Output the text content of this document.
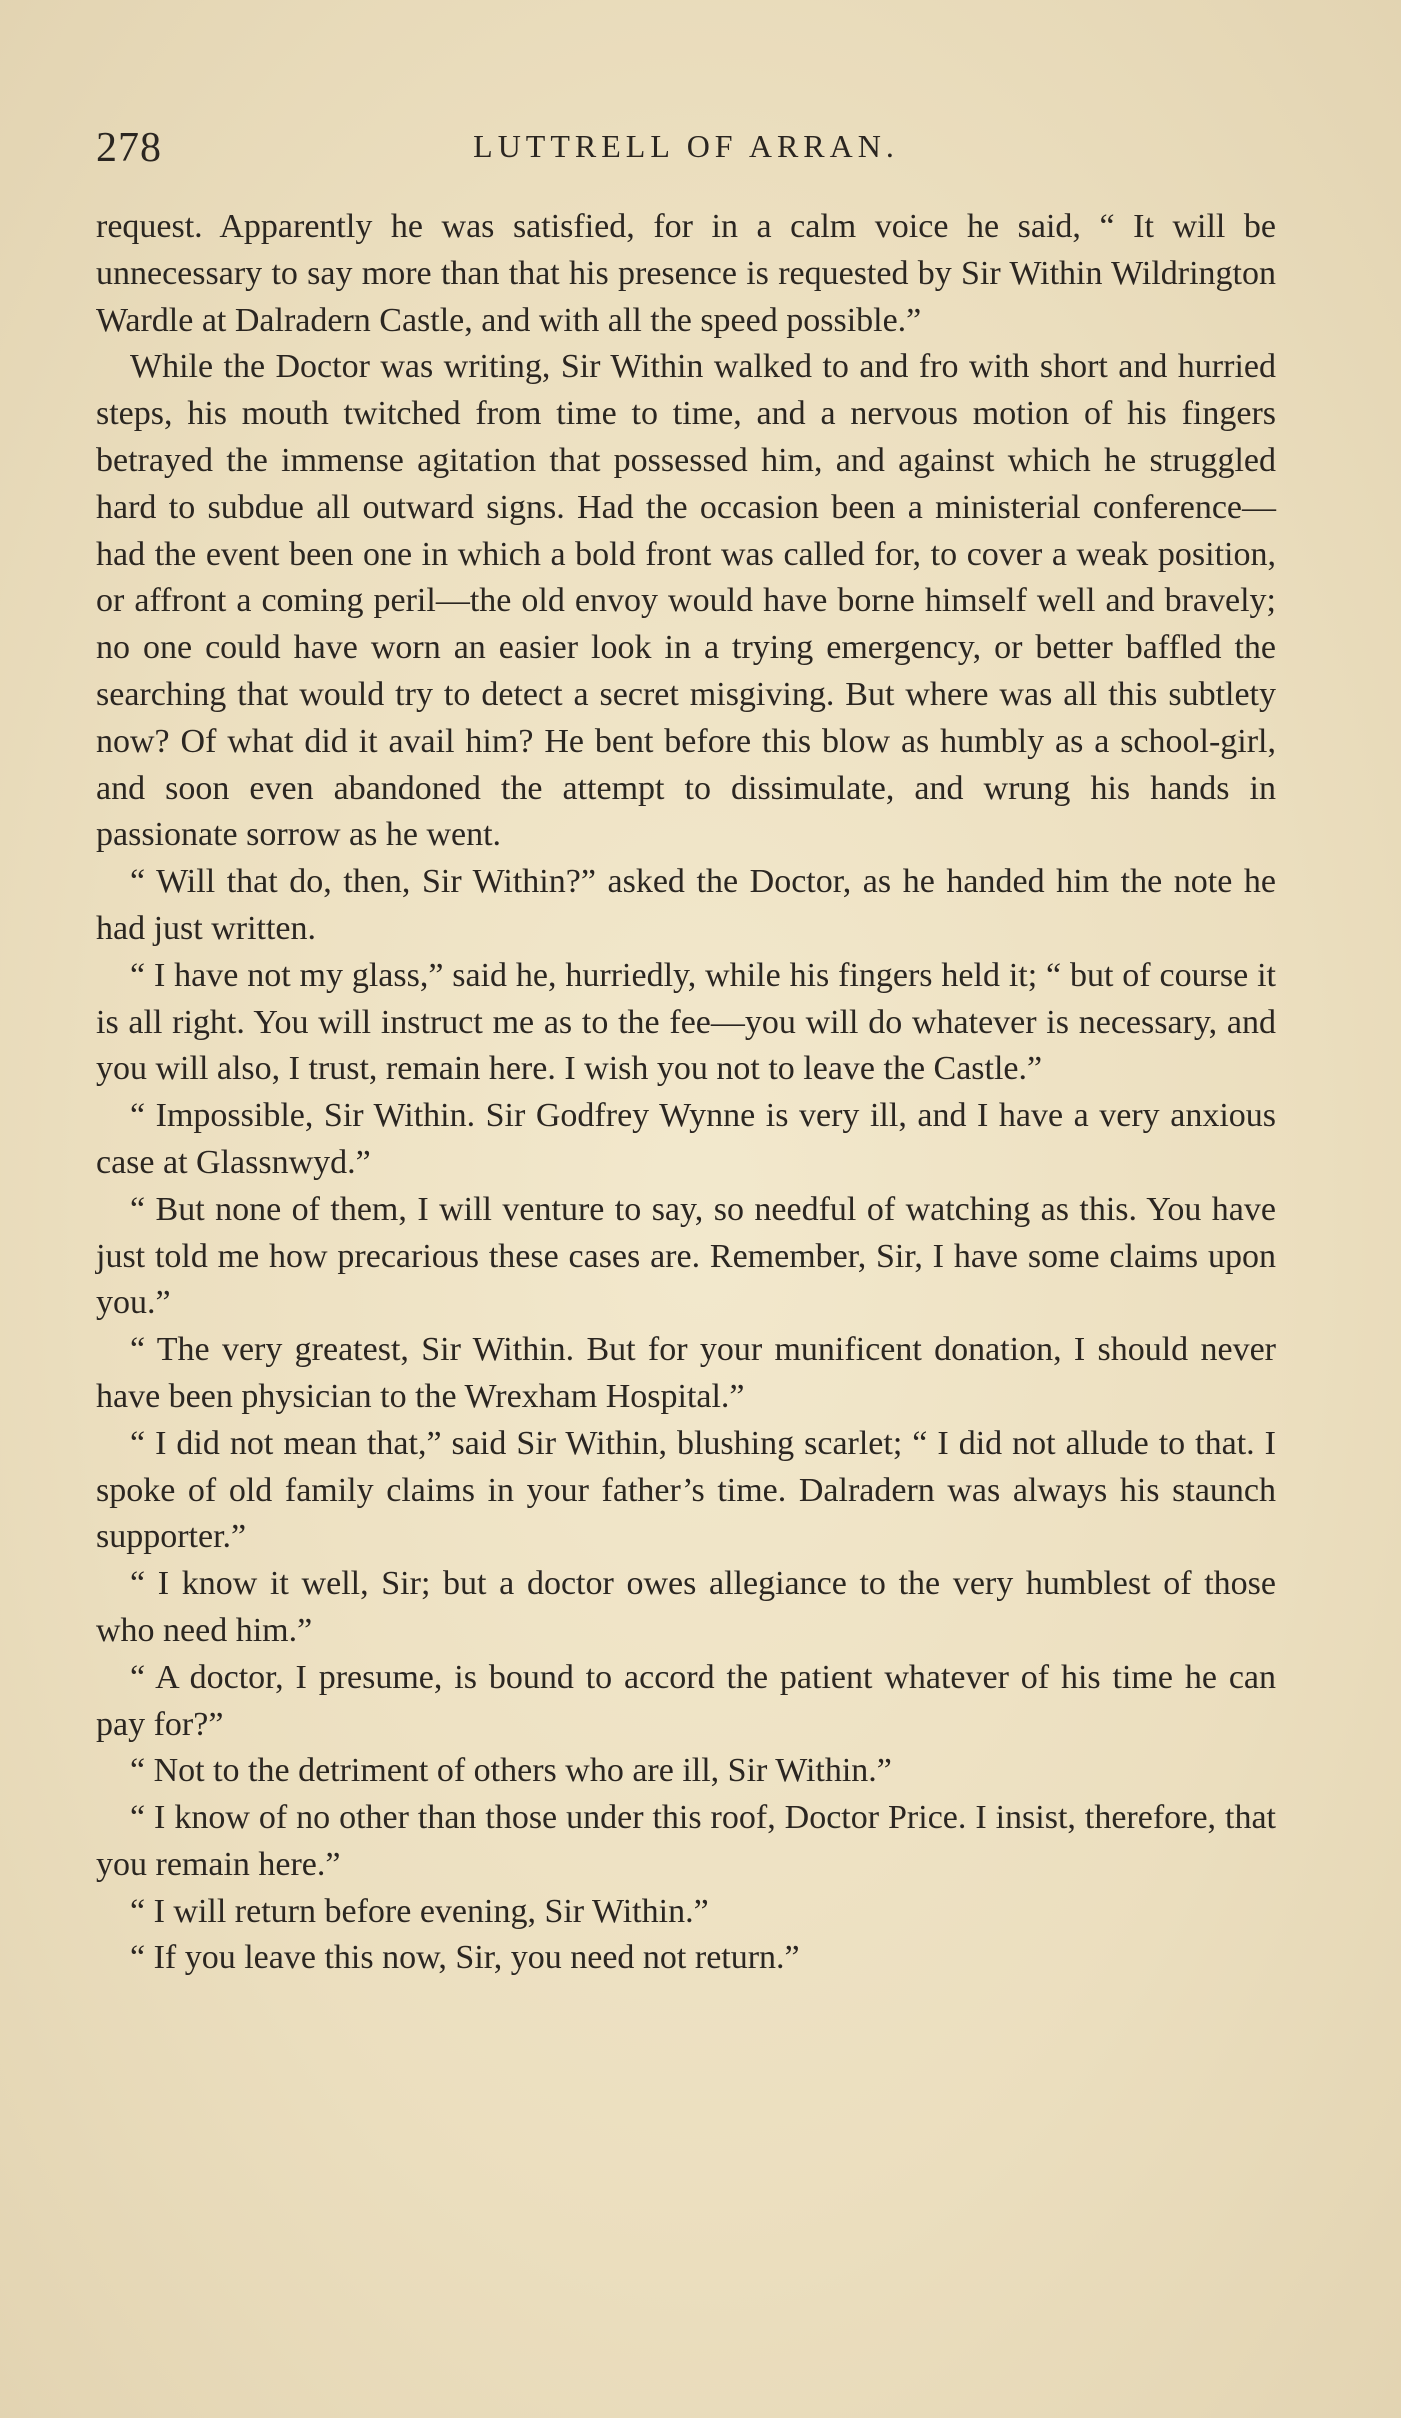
278	LUTTRELL OF ARRAN.

request. Apparently he was satisfied, for in a calm voice he said, “ It will be unnecessary to say more than that his presence is requested by Sir Within Wildrington Wardle at Dalradern Castle, and with all the speed possible.”

While the Doctor was writing, Sir Within walked to and fro with short and hurried steps, his mouth twitched from time to time, and a nervous motion of his fingers betrayed the immense agitation that possessed him, and against which he struggled hard to subdue all outward signs. Had the occasion been a ministerial conference—had the event been one in which a bold front was called for, to cover a weak position, or affront a coming peril—the old envoy would have borne himself well and bravely; no one could have worn an easier look in a trying emergency, or better baffled the searching that would try to detect a secret misgiving. But where was all this subtlety now? Of what did it avail him? He bent before this blow as humbly as a school-girl, and soon even abandoned the attempt to dissimulate, and wrung his hands in passionate sorrow as he went.

“ Will that do, then, Sir Within?” asked the Doctor, as he handed him the note he had just written.

“ I have not my glass,” said he, hurriedly, while his fingers held it; “ but of course it is all right. You will instruct me as to the fee—you will do whatever is necessary, and you will also, I trust, remain here. I wish you not to leave the Castle.”

“ Impossible, Sir Within. Sir Godfrey Wynne is very ill, and I have a very anxious case at Glassnwyd.”

“ But none of them, I will venture to say, so needful of watching as this. You have just told me how precarious these cases are. Remember, Sir, I have some claims upon you.”

“ The very greatest, Sir Within. But for your munificent donation, I should never have been physician to the Wrexham Hospital.”

“ I did not mean that,” said Sir Within, blushing scarlet; “ I did not allude to that. I spoke of old family claims in your father’s time. Dalradern was always his staunch supporter.”

“ I know it well, Sir; but a doctor owes allegiance to the very humblest of those who need him.”

“ A doctor, I presume, is bound to accord the patient whatever of his time he can pay for?”

“ Not to the detriment of others who are ill, Sir Within.”

“ I know of no other than those under this roof, Doctor Price. I insist, therefore, that you remain here.”

“ I will return before evening, Sir Within.”

“ If you leave this now, Sir, you need not return.”
